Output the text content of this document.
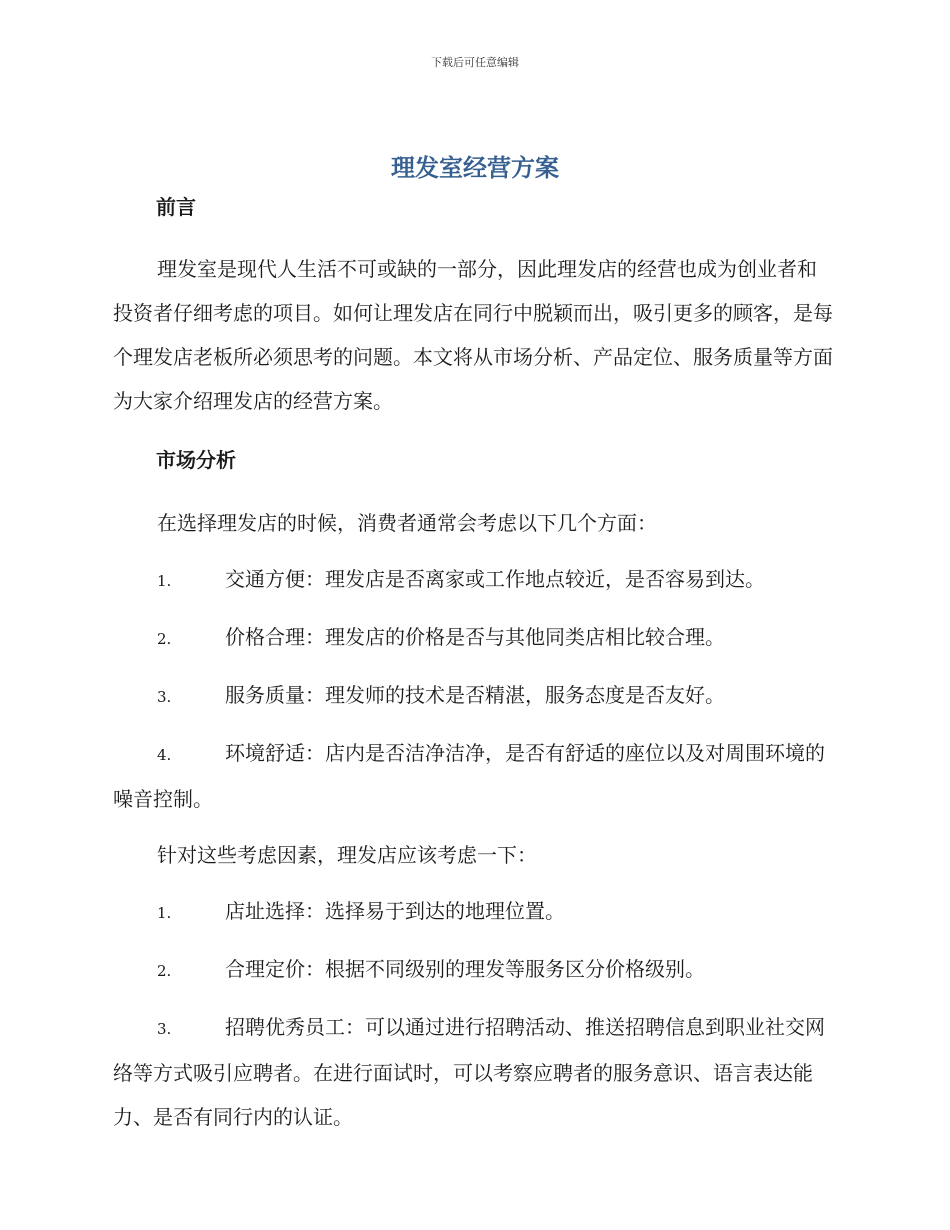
下载后可任意编辑
理发室经营方案
前言

理发室是现代人生活不可或缺的一部分，因此理发店的经营也成为创业者和投资者仔细考虑的项目。如何让理发店在同行中脱颖而出，吸引更多的顾客，是每个理发店老板所必须思考的问题。本文将从市场分析、产品定位、服务质量等方面为大家介绍理发店的经营方案。

市场分析

在选择理发店的时候，消费者通常会考虑以下几个方面：

1.	交通方便：理发店是否离家或工作地点较近，是否容易到达。

2.	价格合理：理发店的价格是否与其他同类店相比较合理。

3.	服务质量：理发师的技术是否精湛，服务态度是否友好。

4.	环境舒适：店内是否洁净洁净，是否有舒适的座位以及对周围环境的噪音控制。

针对这些考虑因素，理发店应该考虑一下：

1.	店址选择：选择易于到达的地理位置。

2.	合理定价：根据不同级别的理发等服务区分价格级别。

3.	招聘优秀员工：可以通过进行招聘活动、推送招聘信息到职业社交网络等方式吸引应聘者。在进行面试时，可以考察应聘者的服务意识、语言表达能力、是否有同行内的认证。
